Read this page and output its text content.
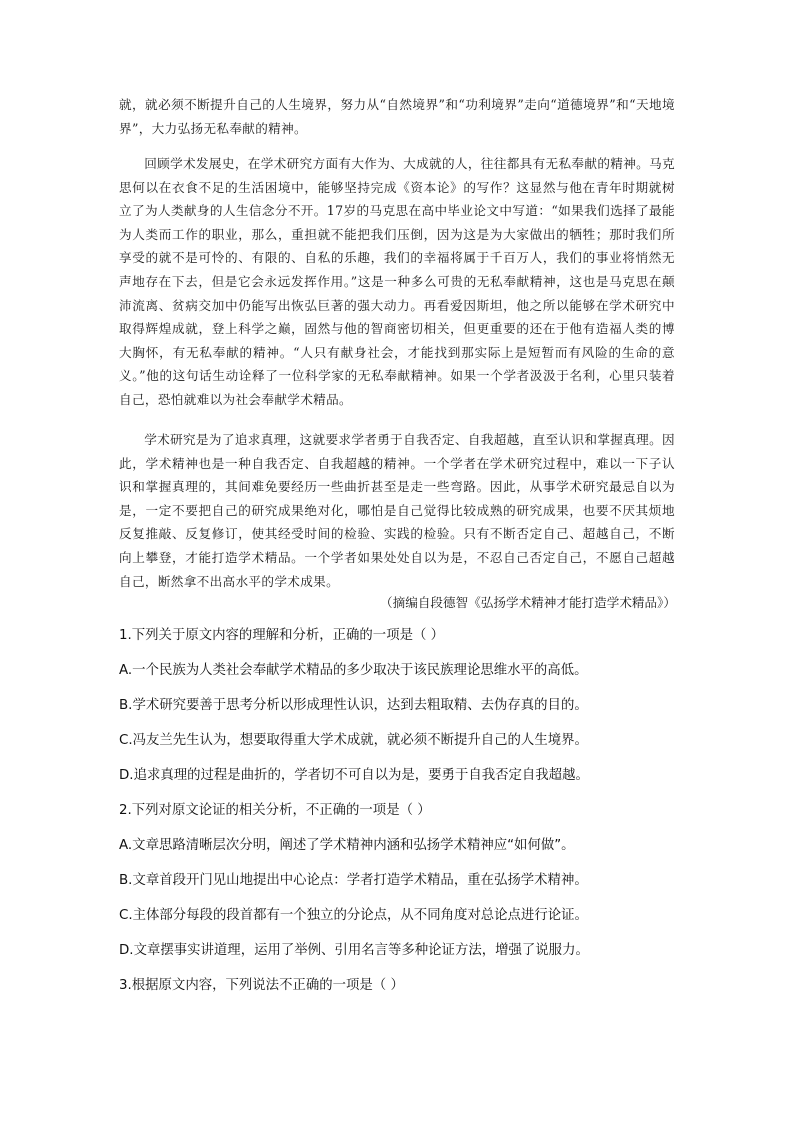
就，就必须不断提升自己的人生境界，努力从“自然境界”和“功利境界”走向“道德境界”和“天地境界”，大力弘扬无私奉献的精神。

回顾学术发展史，在学术研究方面有大作为、大成就的人，往往都具有无私奉献的精神。马克思何以在衣食不足的生活困境中，能够坚持完成《资本论》的写作？这显然与他在青年时期就树立了为人类献身的人生信念分不开。17岁的马克思在高中毕业论文中写道：“如果我们选择了最能为人类而工作的职业，那么，重担就不能把我们压倒，因为这是为大家做出的牺牲；那时我们所享受的就不是可怜的、有限的、自私的乐趣，我们的幸福将属于千百万人，我们的事业将悄然无声地存在下去，但是它会永远发挥作用。”这是一种多么可贵的无私奉献精神，这也是马克思在颠沛流离、贫病交加中仍能写出恢弘巨著的强大动力。再看爱因斯坦，他之所以能够在学术研究中取得辉煌成就，登上科学之巅，固然与他的智商密切相关，但更重要的还在于他有造福人类的博大胸怀，有无私奉献的精神。“人只有献身社会，才能找到那实际上是短暂而有风险的生命的意义。”他的这句话生动诠释了一位科学家的无私奉献精神。如果一个学者汲汲于名利，心里只装着自己，恐怕就难以为社会奉献学术精品。

学术研究是为了追求真理，这就要求学者勇于自我否定、自我超越，直至认识和掌握真理。因此，学术精神也是一种自我否定、自我超越的精神。一个学者在学术研究过程中，难以一下子认识和掌握真理的，其间难免要经历一些曲折甚至是走一些弯路。因此，从事学术研究最忌自以为是，一定不要把自己的研究成果绝对化，哪怕是自己觉得比较成熟的研究成果，也要不厌其烦地反复推敲、反复修订，使其经受时间的检验、实践的检验。只有不断否定自己、超越自己，不断向上攀登，才能打造学术精品。一个学者如果处处自以为是，不忍自己否定自己，不愿自己超越自己，断然拿不出高水平的学术成果。

（摘编自段德智《弘扬学术精神才能打造学术精品》）

1.下列关于原文内容的理解和分析，正确的一项是（ ）

A.一个民族为人类社会奉献学术精品的多少取决于该民族理论思维水平的高低。

B.学术研究要善于思考分析以形成理性认识，达到去粗取精、去伪存真的目的。

C.冯友兰先生认为，想要取得重大学术成就，就必须不断提升自己的人生境界。

D.追求真理的过程是曲折的，学者切不可自以为是，要勇于自我否定自我超越。

2.下列对原文论证的相关分析，不正确的一项是（ ）

A.文章思路清晰层次分明，阐述了学术精神内涵和弘扬学术精神应“如何做”。

B.文章首段开门见山地提出中心论点：学者打造学术精品，重在弘扬学术精神。

C.主体部分每段的段首都有一个独立的分论点，从不同角度对总论点进行论证。

D.文章摆事实讲道理，运用了举例、引用名言等多种论证方法，增强了说服力。

3.根据原文内容，下列说法不正确的一项是（ ）
